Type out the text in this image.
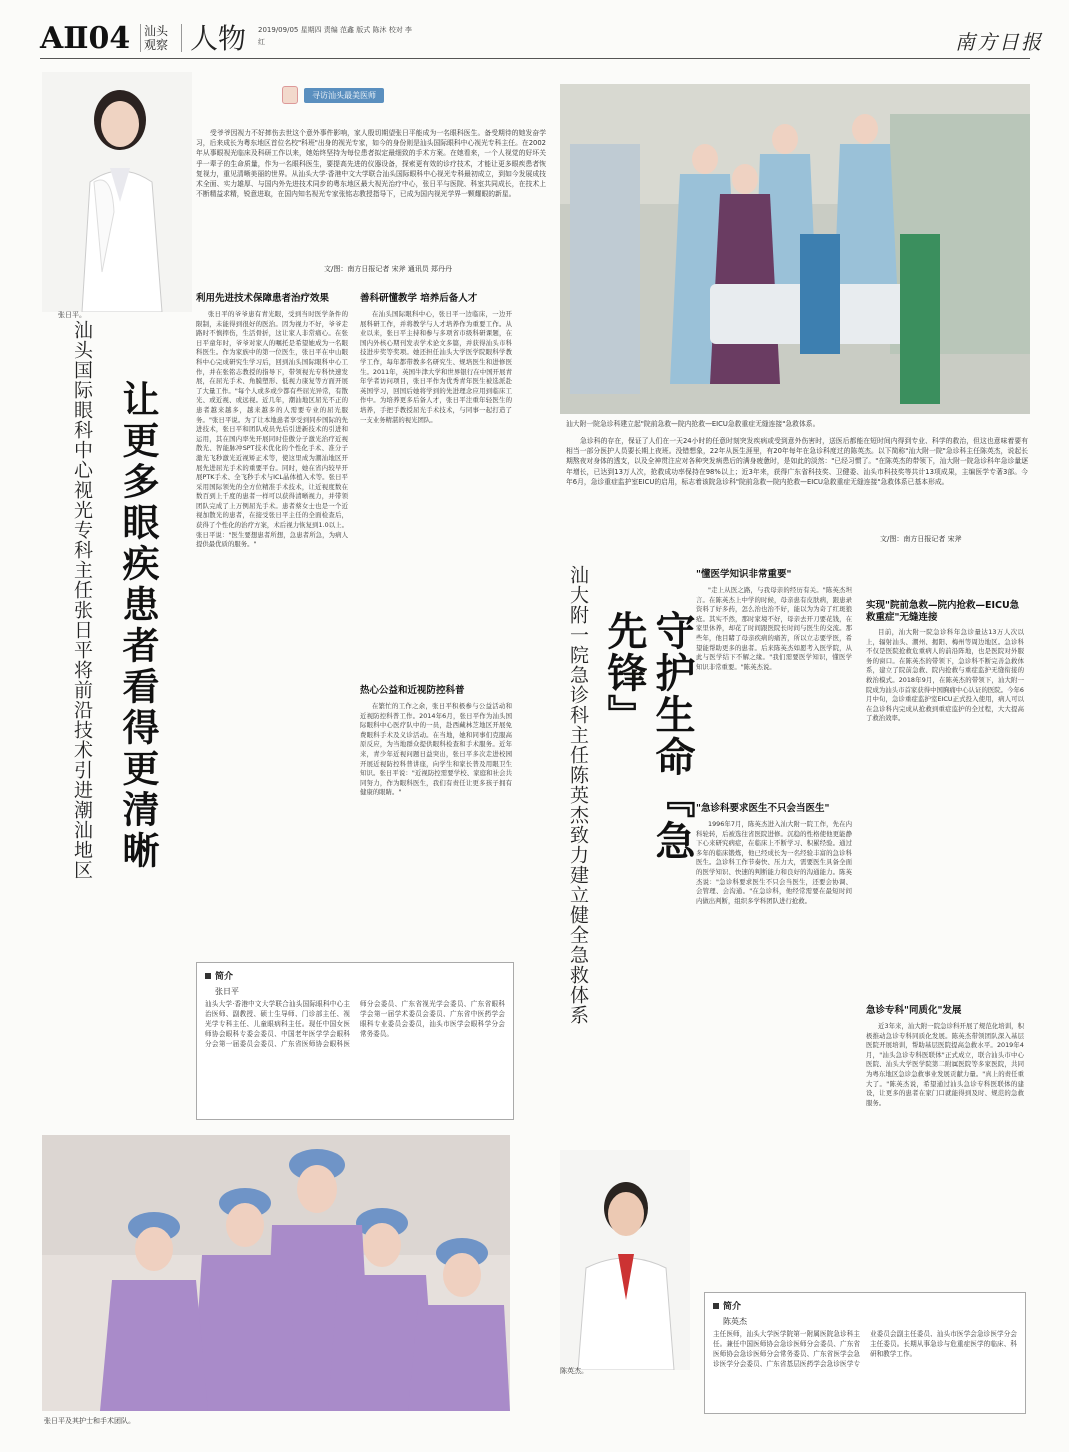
AⅡ04	汕头观察 人物 2019/09/05 星期四 责编 范鑫 版式 陈沐 校对 李红	南方日报
张日平。
寻访汕头最美医师
受爷爷因视力不好摔伤去世这个意外事件影响，家人殷切期望张日平能成为一名眼科医生。备受期待的她发奋学习，后来成长为粤东地区首位名校"科班"出身的视光专家，如今的身份则是汕头国际眼科中心视光专科主任。在2002年从事眼视光临床及科研工作以来，她始终坚持为每位患者拟定最细致的手术方案。在她看来，一个人视觉的好坏关乎一辈子的生命质量，作为一名眼科医生，要提高先进的仪器设备，探索更有效的诊疗技术，才能让更多眼疾患者恢复视力，重见清晰美丽的世界。从汕头大学·香港中文大学联合汕头国际眼科中心视光专科最初成立，到如今发展成技术全面、实力雄厚、与国内外先进技术同步的粤东地区最大视光治疗中心，张日平与医院、科室共同成长，在技术上不断精益求精，锐意进取，在国内知名视光专家张铭志教授指导下，已成为国内视光学界一颗耀眼的新星。
文/图：南方日报记者 宋斧 通讯员 郑丹丹
让更多眼疾患者看得更清晰
汕头国际眼科中心视光专科主任张日平将前沿技术引进潮汕地区
利用先进技术保障患者治疗效果
张日平的爷爷患有青光眼，受到当时医学条件的限制，未能得到很好的医治。因为视力不好，爷爷走路时不慎摔伤，生活骨折，这让家人非常痛心。在张日平童年时，爷爷对家人的嘱托是希望她成为一名眼科医生。作为家族中的第一位医生，张日平在中山眼科中心完成研究生学习后，回到汕头国际眼科中心工作，并在张铭志教授的指导下，带领视光专科快速发展，在屈光手术、角膜塑形、低视力康复等方面开展了大量工作。"每个人或多或少都有些屈光异常，有散光、或近视、或远视。近几年，潮汕地区屈光不正的患者越来越多，越来越多的人需要专业的屈光服务。"张日平说。为了让本地患者享受到同步国际的先进技术，张日平和团队成员先后引进新技术的引进和运用，其在国内率先开展同时佳傲分子激光治疗近视散光、智能脉冲SPT技术优化的个性化手术、准分子激光飞秒激光近视矫正术等，使这里成为潮汕地区开展先进屈光手术的重要平台。同时，她在省内较早开展PTK手术、全飞秒手术与ICL晶体植入术等。张日平采用国际领先的全方位精准手术技术，让近视度数在数百到上千度的患者一样可以获得清晰视力，并带领团队完成了上万例屈光手术。患者蔡女士也是一个近视加散光的患者，在接受张日平主任的全面检查后，获得了个性化的治疗方案，术后视力恢复到1.0以上。张日平说："医生要想患者所想，急患者所急，为病人提供最优质的服务。"
善科研懂教学 培养后备人才
在汕头国际眼科中心，张日平一边临床，一边开展科研工作，并将教学与人才培养作为重要工作。从业以来，张日平主持和参与多项省市级科研课题，在国内外核心期刊发表学术论文多篇，并获得汕头市科技进步奖等奖项。她还担任汕头大学医学院眼科学教学工作，每年都带教多名研究生、规培医生和进修医生。2011年，英国牛津大学和世界银行在中国开展青年学者访问项目，张日平作为优秀青年医生被选派赴英国学习，回国后她将学到的先进理念应用到临床工作中。为培养更多后备人才，张日平注重年轻医生的培养，手把手教授屈光手术技术，与同事一起打造了一支业务精湛的视光团队。
热心公益和近视防控科普
在繁忙的工作之余，张日平积极参与公益活动和近视防控科普工作。2014年6月，张日平作为汕头国际眼科中心医疗队中的一员，赴西藏林芝地区开展免费眼科手术及义诊活动。在当地，她和同事们克服高原反应，为当地群众提供眼科检查和手术服务。近年来，青少年近视问题日益突出，张日平多次走进校园开展近视防控科普讲座，向学生和家长普及用眼卫生知识。张日平说："近视防控需要学校、家庭和社会共同努力，作为眼科医生，我们有责任让更多孩子拥有健康的眼睛。"
简介
张日平
汕头大学·香港中文大学联合汕头国际眼科中心主治医师、副教授、硕士生导师、门诊部主任、视光学专科主任、儿童眼病科主任。现任中国女医师协会眼科专委会委员、中国老年医学学会眼科分会第一届委员会委员、广东省医师协会眼科医师分会委员、广东省视光学会委员、广东省眼科学会第一届学术委员会委员、广东省中医药学会眼科专业委员会委员，汕头市医学会眼科学分会常务委员。
张日平及其护士和手术团队。
汕大附一院急诊科建立起"院前急救—院内抢救—EICU急救重症无缝连接"急救体系。
急诊科的存在，保证了人们在一天24小时的任意时刻突发疾病或受到意外伤害时，送医后都能在短时间内得到专业、科学的救治，但这也意味着要有相当一部分医护人员要长期上夜班。没错想象，22年从医生涯里，有20年每年在急诊科度过的陈英杰。以下简称"汕大附一院"急诊科主任陈英杰，说起长期熬夜对身体的透支，以及全神贯注应对各种突发病患后的满身疲惫时，是如此的淡然："已经习惯了。"在陈英杰的带领下，汕大附一院急诊科年急诊量逐年增长，已达到13万人次，抢救成功率保持在98%以上；近3年来，获得广东省科技奖、卫健委、汕头市科技奖等共计13项成果，主编医学专著3部。今年6月，急诊重症监护室EICU的启用，标志着该院急诊科"院前急救—院内抢救—EICU急救重症无缝连接"急救体系已基本形成。
文/图：南方日报记者 宋斧
守护生命『急先锋』
汕大附一院急诊科主任陈英杰致力建立健全急救体系	"懂医学知识非常重要"
"走上从医之路，与我母亲的经历有关。"陈英杰坦言。在陈英杰上中学的时候，母亲患有皮肤病，跟患录资料了好多药，怎么治也治不好，能以为为奇了红斑狼疮。其实不然，那时家境不好，母亲去开刀要花钱，在家里休养，却花了时间跟医院长时间与医生的交流。那些年，他目睹了母亲疾病的痛苦，所以立志要学医，希望能帮助更多的患者。后来陈英杰如愿考入医学院，从此与医学结下不解之缘。"我们需要医学知识，懂医学知识非常重要。"陈英杰说。
"急诊科要求医生不只会当医生"
1996年7月，陈英杰进入汕大附一院工作，先在内科轮转，后被选往省医院进修。沉稳的性格使他更能静下心来研究病症，在临床上不断学习、积累经验。通过多年的临床锻炼，他已经成长为一名经验丰富的急诊科医生。急诊科工作节奏快、压力大，需要医生具备全面的医学知识、快速的判断能力和良好的沟通能力。陈英杰说："急诊科要求医生不只会当医生，还要会协调、会管理、会沟通。"在急诊科，他经常需要在最短时间内做出判断，组织多学科团队进行抢救。
实现"院前急救—院内抢救—EICU急救重症"无缝连接
目前，汕大附一院急诊科年急诊量达13万人次以上，辐射汕头、潮州、揭阳、梅州等周边地区。急诊科不仅是医院抢救危重病人的前沿阵地，也是医院对外服务的窗口。在陈英杰的带领下，急诊科不断完善急救体系，建立了院前急救、院内抢救与重症监护无缝衔接的救治模式。2018年9月，在陈英杰的带领下，汕大附一院成为汕头市首家获得中国胸痛中心认证的医院。今年6月中旬，急诊重症监护室EICU正式投入使用，病人可以在急诊科内完成从抢救到重症监护的全过程，大大提高了救治效率。
急诊专科"同质化"发展
近3年来，汕大附一院急诊科开展了规范化培训，积极推动急诊专科同质化发展。陈英杰带领团队深入基层医院开展培训，帮助基层医院提高急救水平。2019年4月，"汕头急诊专科医联体"正式成立，联合汕头市中心医院、汕头大学医学院第二附属医院等多家医院，共同为粤东地区急诊急救事业发展贡献力量。"真上的责任重大了。"陈英杰说，希望通过汕头急诊专科医联体的建设，让更多的患者在家门口就能得到及时、规范的急救服务。
陈英杰。
简介
陈英杰
主任医师，汕头大学医学院第一附属医院急诊科主任。兼任中国医师协会急诊医师分会委员、广东省医师协会急诊医师分会常务委员、广东省医学会急诊医学分会委员、广东省基层医药学会急诊医学专业委员会副主任委员、汕头市医学会急诊医学分会主任委员。长期从事急诊与危重症医学的临床、科研和教学工作。
